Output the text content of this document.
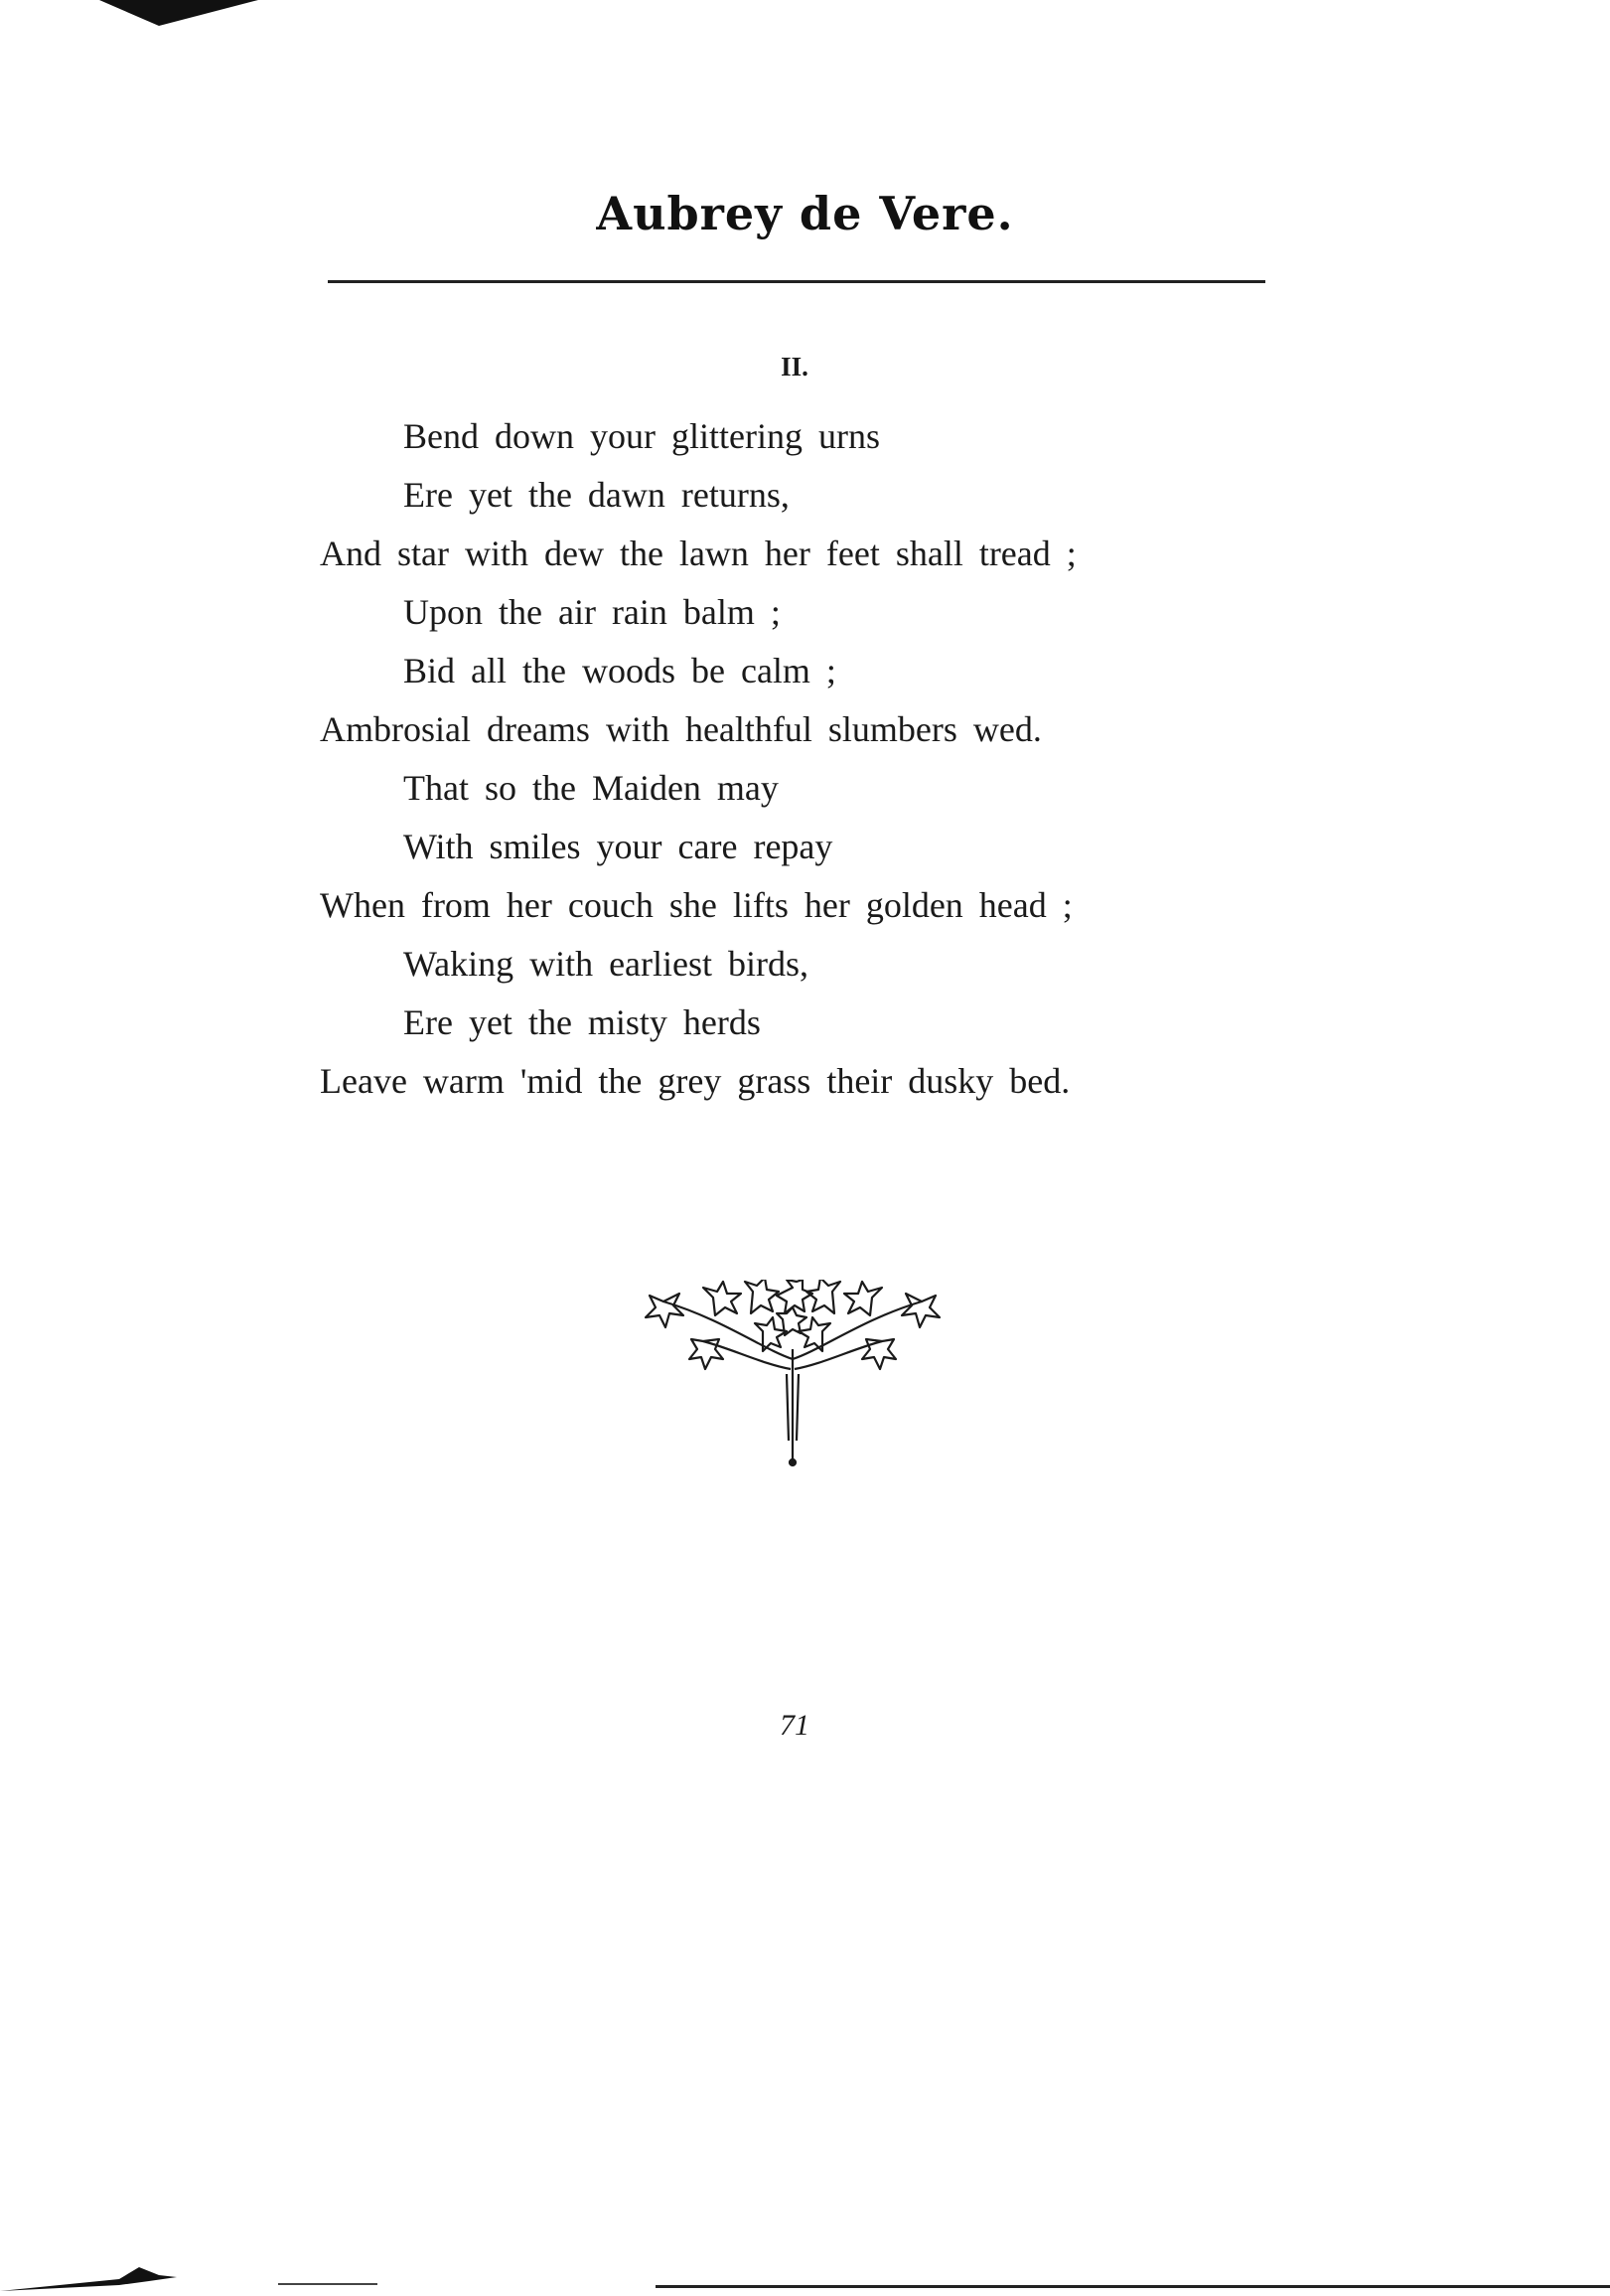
Aubrey de Vere.
II.
Bend down your glittering urns
Ere yet the dawn returns,
And star with dew the lawn her feet shall tread ;
Upon the air rain balm ;
Bid all the woods be calm ;
Ambrosial dreams with healthful slumbers wed.
That so the Maiden may
With smiles your care repay
When from her couch she lifts her golden head ;
Waking with earliest birds,
Ere yet the misty herds
Leave warm 'mid the grey grass their dusky bed.
71
